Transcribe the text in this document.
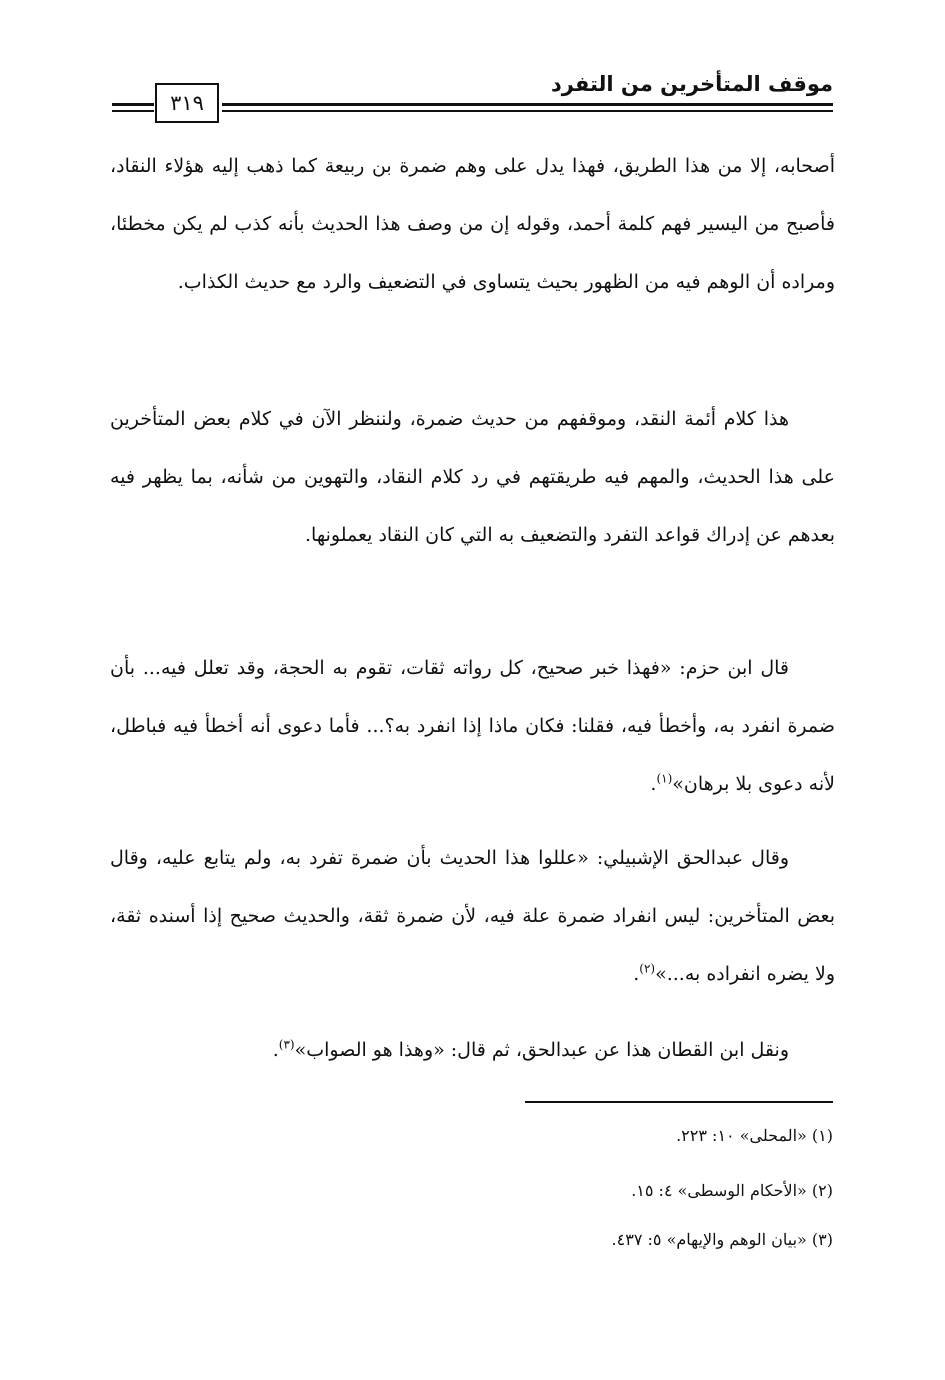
موقف المتأخرين من التفرد
٣١٩
أصحابه، إلا من هذا الطريق، فهذا يدل على وهم ضمرة بن ربيعة كما ذهب إليه هؤلاء النقاد، فأصبح من اليسير فهم كلمة أحمد، وقوله إن من وصف هذا الحديث بأنه كذب لم يكن مخطئا، ومراده أن الوهم فيه من الظهور بحيث يتساوى في التضعيف والرد مع حديث الكذاب.
هذا كلام أئمة النقد، وموقفهم من حديث ضمرة، ولننظر الآن في كلام بعض المتأخرين على هذا الحديث، والمهم فيه طريقتهم في رد كلام النقاد، والتهوين من شأنه، بما يظهر فيه بعدهم عن إدراك قواعد التفرد والتضعيف به التي كان النقاد يعملونها.
قال ابن حزم: «فهذا خبر صحيح، كل رواته ثقات، تقوم به الحجة، وقد تعلل فيه... بأن ضمرة انفرد به، وأخطأ فيه، فقلنا: فكان ماذا إذا انفرد به؟... فأما دعوى أنه أخطأ فيه فباطل، لأنه دعوى بلا برهان»$^{(١)}$.
وقال عبدالحق الإشبيلي: «عللوا هذا الحديث بأن ضمرة تفرد به، ولم يتابع عليه، وقال بعض المتأخرين: ليس انفراد ضمرة علة فيه، لأن ضمرة ثقة، والحديث صحيح إذا أسنده ثقة، ولا يضره انفراده به...»$^{(٢)}$.
ونقل ابن القطان هذا عن عبدالحق، ثم قال: «وهذا هو الصواب»$^{(٣)}$.
(١) «المحلى» ١٠: ٢٢٣.
(٢) «الأحكام الوسطى» ٤: ١٥.
(٣) «بيان الوهم والإيهام» ٥: ٤٣٧.
